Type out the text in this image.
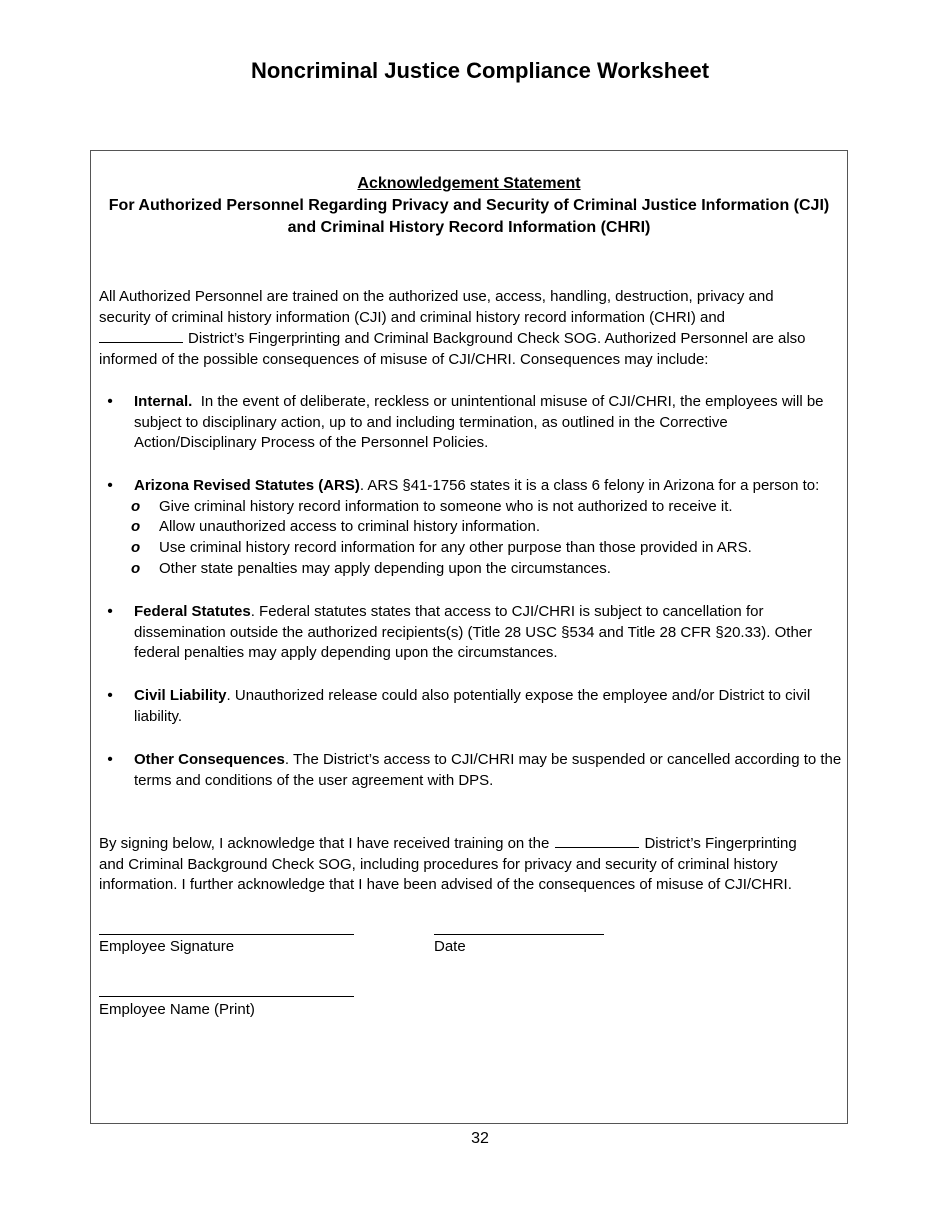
Noncriminal Justice Compliance Worksheet
Acknowledgement Statement
For Authorized Personnel Regarding Privacy and Security of Criminal Justice Information (CJI)
and Criminal History Record Information (CHRI)
All Authorized Personnel are trained on the authorized use, access, handling, destruction, privacy and
security of criminal history information (CJI) and criminal history record information (CHRI) and
District’s Fingerprinting and Criminal Background Check SOG. Authorized Personnel are also
informed of the possible consequences of misuse of CJI/CHRI. Consequences may include:
• Internal. In the event of deliberate, reckless or unintentional misuse of CJI/CHRI, the employees will be subject to disciplinary action, up to and including termination, as outlined in the Corrective Action/Disciplinary Process of the Personnel Policies.
• Arizona Revised Statutes (ARS). ARS §41-1756 states it is a class 6 felony in Arizona for a person to:
o Give criminal history record information to someone who is not authorized to receive it.
o Allow unauthorized access to criminal history information.
o Use criminal history record information for any other purpose than those provided in ARS.
o Other state penalties may apply depending upon the circumstances.
• Federal Statutes. Federal statutes states that access to CJI/CHRI is subject to cancellation for dissemination outside the authorized recipients(s) (Title 28 USC §534 and Title 28 CFR §20.33). Other federal penalties may apply depending upon the circumstances.
• Civil Liability. Unauthorized release could also potentially expose the employee and/or District to civil liability.
• Other Consequences. The District’s access to CJI/CHRI may be suspended or cancelled according to the terms and conditions of the user agreement with DPS.
By signing below, I acknowledge that I have received training on the	District’s Fingerprinting
and Criminal Background Check SOG, including procedures for privacy and security of criminal history
information. I further acknowledge that I have been advised of the consequences of misuse of CJI/CHRI.
Employee Signature	Date
Employee Name (Print)
32
